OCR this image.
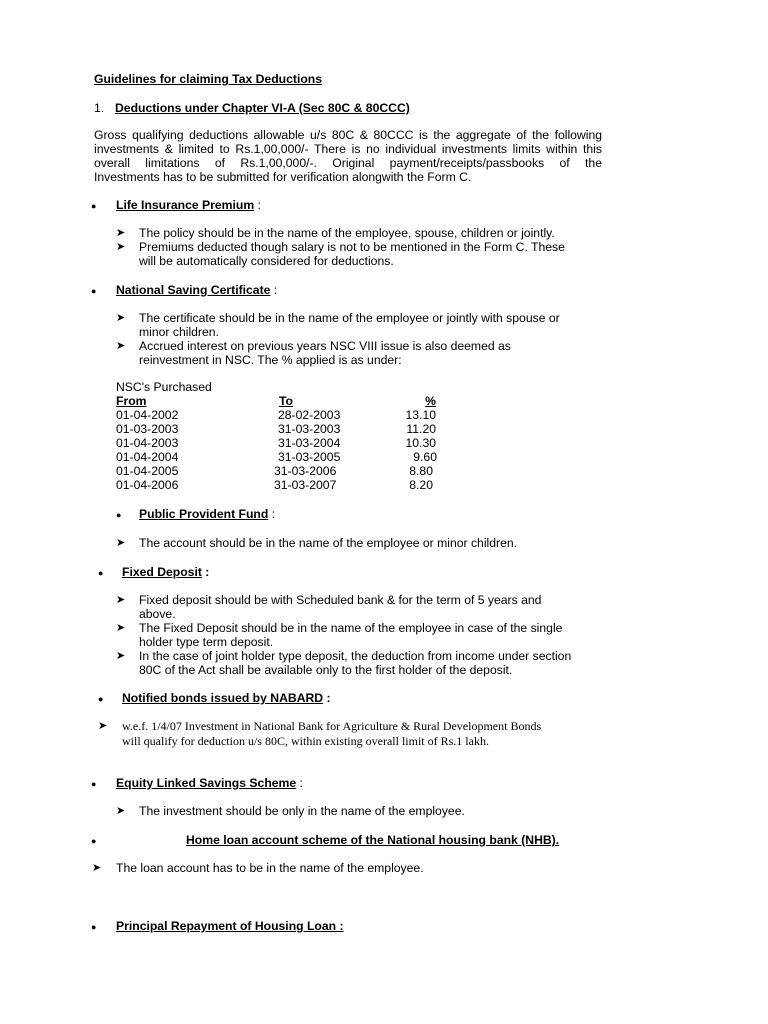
Guidelines for claiming Tax Deductions
1. Deductions under Chapter VI-A (Sec 80C & 80CCC)
Gross qualifying deductions allowable u/s 80C & 80CCC is the aggregate of the following
investments & limited to Rs.1,00,000/- There is no individual investments limits within this
overall limitations of Rs.1,00,000/-. Original payment/receipts/passbooks of the
Investments has to be submitted for verification alongwith the Form C.
● Life Insurance Premium :
➤ The policy should be in the name of the employee, spouse, children or jointly.
➤ Premiums deducted though salary is not to be mentioned in the Form C. These
will be automatically considered for deductions.
● National Saving Certificate :
➤ The certificate should be in the name of the employee or jointly with spouse or
minor children.
➤ Accrued interest on previous years NSC VIII issue is also deemed as
reinvestment in NSC. The % applied is as under:
NSC's Purchased
From	To	%
01-04-2002	28-02-2003	13.10
01-03-2003	31-03-2003	11.20
01-04-2003	31-03-2004	10.30
01-04-2004	31-03-2005	9.60
01-04-2005	31-03-2006	8.80
01-04-2006	31-03-2007	8.20
● Public Provident Fund :
➤ The account should be in the name of the employee or minor children.
● Fixed Deposit :
➤ Fixed deposit should be with Scheduled bank & for the term of 5 years and
above.
➤ The Fixed Deposit should be in the name of the employee in case of the single
holder type term deposit.
➤ In the case of joint holder type deposit, the deduction from income under section
80C of the Act shall be available only to the first holder of the deposit.
● Notified bonds issued by NABARD :
➤ w.e.f. 1/4/07 Investment in National Bank for Agriculture & Rural Development Bonds
will qualify for deduction u/s 80C, within existing overall limit of Rs.1 lakh.
● Equity Linked Savings Scheme :
➤ The investment should be only in the name of the employee.
●	Home loan account scheme of the National housing bank (NHB).
➤ The loan account has to be in the name of the employee.
● Principal Repayment of Housing Loan :
